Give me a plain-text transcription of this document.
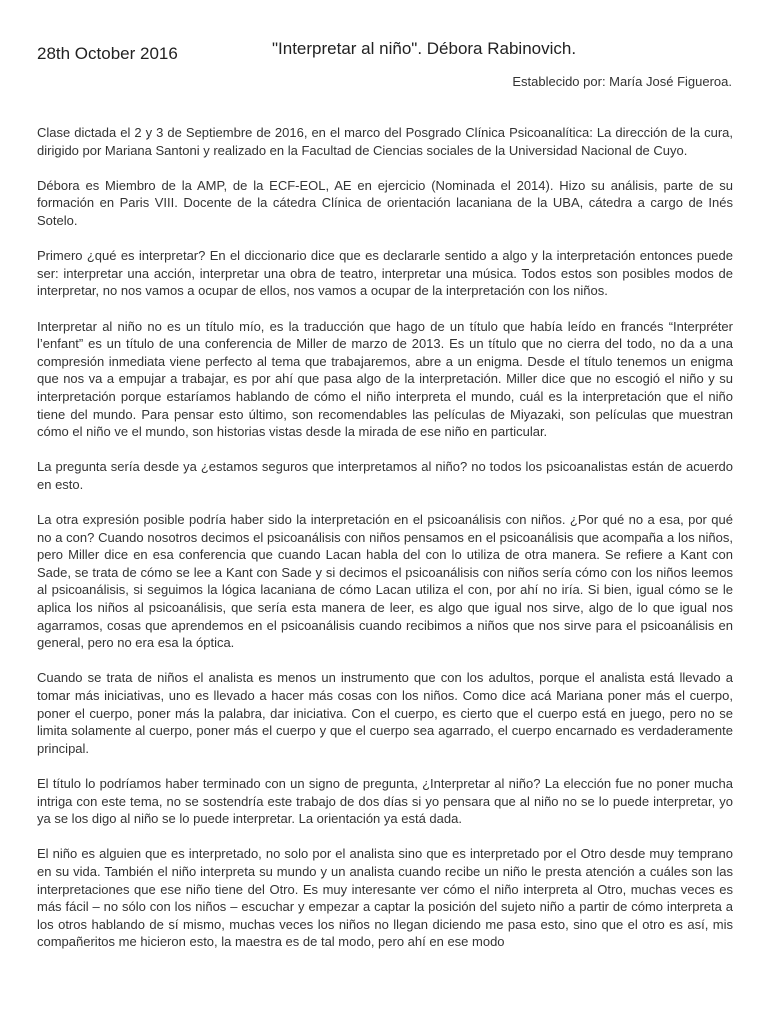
28th October 2016	"Interpretar al niño". Débora Rabinovich.
Establecido por: María José Figueroa.

Clase dictada el 2 y 3 de Septiembre de 2016, en el marco del Posgrado Clínica Psicoanalítica: La dirección de la cura, dirigido por Mariana Santoni y realizado en la Facultad de Ciencias sociales de la Universidad Nacional de Cuyo.

Débora es Miembro de la AMP, de la ECF-EOL, AE en ejercicio (Nominada el 2014). Hizo su análisis, parte de su formación en Paris VIII. Docente de la cátedra Clínica de orientación lacaniana de la UBA, cátedra a cargo de Inés Sotelo.

Primero ¿qué es interpretar? En el diccionario dice que es declararle sentido a algo y la interpretación entonces puede ser: interpretar una acción, interpretar una obra de teatro, interpretar una música. Todos estos son posibles modos de interpretar, no nos vamos a ocupar de ellos, nos vamos a ocupar de la interpretación con los niños.

Interpretar al niño no es un título mío, es la traducción que hago de un título que había leído en francés “Interpréter l’enfant” es un título de una conferencia de Miller de marzo de 2013. Es un título que no cierra del todo, no da a una compresión inmediata viene perfecto al tema que trabajaremos, abre a un enigma. Desde el título tenemos un enigma que nos va a empujar a trabajar, es por ahí que pasa algo de la interpretación. Miller dice que no escogió el niño y su interpretación porque estaríamos hablando de cómo el niño interpreta el mundo, cuál es la interpretación que el niño tiene del mundo. Para pensar esto último, son recomendables las películas de Miyazaki, son películas que muestran cómo el niño ve el mundo, son historias vistas desde la mirada de ese niño en particular.

La pregunta sería desde ya ¿estamos seguros que interpretamos al niño? no todos los psicoanalistas están de acuerdo en esto.

La otra expresión posible podría haber sido la interpretación en el psicoanálisis con niños. ¿Por qué no a esa, por qué no a con? Cuando nosotros decimos el psicoanálisis con niños pensamos en el psicoanálisis que acompaña a los niños, pero Miller dice en esa conferencia que cuando Lacan habla del con lo utiliza de otra manera. Se refiere a Kant con Sade, se trata de cómo se lee a Kant con Sade y si decimos el psicoanálisis con niños sería cómo con los niños leemos al psicoanálisis, si seguimos la lógica lacaniana de cómo Lacan utiliza el con, por ahí no iría. Si bien, igual cómo se le aplica los niños al psicoanálisis, que sería esta manera de leer, es algo que igual nos sirve, algo de lo que igual nos agarramos, cosas que aprendemos en el psicoanálisis cuando recibimos a niños que nos sirve para el psicoanálisis en general, pero no era esa la óptica.

Cuando se trata de niños el analista es menos un instrumento que con los adultos, porque el analista está llevado a tomar más iniciativas, uno es llevado a hacer más cosas con los niños. Como dice acá Mariana poner más el cuerpo, poner el cuerpo, poner más la palabra, dar iniciativa. Con el cuerpo, es cierto que el cuerpo está en juego, pero no se limita solamente al cuerpo, poner más el cuerpo y que el cuerpo sea agarrado, el cuerpo encarnado es verdaderamente principal.

El título lo podríamos haber terminado con un signo de pregunta, ¿Interpretar al niño? La elección fue no poner mucha intriga con este tema, no se sostendría este trabajo de dos días si yo pensara que al niño no se lo puede interpretar, yo ya se los digo al niño se lo puede interpretar. La orientación ya está dada.

El niño es alguien que es interpretado, no solo por el analista sino que es interpretado por el Otro desde muy temprano en su vida. También el niño interpreta su mundo y un analista cuando recibe un niño le presta atención a cuáles son las interpretaciones que ese niño tiene del Otro. Es muy interesante ver cómo el niño interpreta al Otro, muchas veces es más fácil – no sólo con los niños – escuchar y empezar a captar la posición del sujeto niño a partir de cómo interpreta a los otros hablando de sí mismo, muchas veces los niños no llegan diciendo me pasa esto, sino que el otro es así, mis compañeritos me hicieron esto, la maestra es de tal modo, pero ahí en ese modo
